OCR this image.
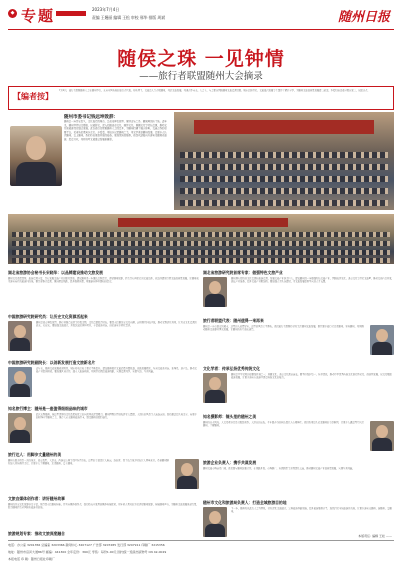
◆ 专题	2023年7月4日
责编 王嫚丽 编辑 王松 审校 邢华 排版 周斌	随州日报
随侯之珠 一见钟情
——旅行者联盟随州大会摘录
【编者按】
7月1日，旅行者联盟随州大会在随州举行，来自全国各地的旅行者代表、知名博主、文旅达人等齐聚随州，共话文旅发展，共谋合作未来。大会上，与会嘉宾围绕随州文旅资源禀赋、城市品牌打造、文旅融合发展等主题作了精彩分享，为随州文旅高质量发展建言献策。本报特摘录部分嘉宾发言，以飨读者。
随州市委书记钱远坤致辞：
随州是一座历史悠久、文化灿烂的城市，是炎帝神农故里、编钟古乐之乡、随侯珠的出土地。近年来，随州坚持以文塑旅、以旅彰文，深入挖掘炎帝文化、编钟文化、曾随文化等特色资源，推动文化和旅游深度融合发展。此次旅行者联盟随州大会的召开，为随州搭建了展示形象、交流合作的重要平台。希望各位嘉宾多走走、多看看，用镜头记录随州之美，用文字讲述随州故事，让更多人认识随州、爱上随州。我们将以更加开放的姿态、更加优质的服务，热忱欢迎海内外游客来随观光旅游、投资兴业，共同书写文旅融合发展新篇章。
湖北省旅游协会秘书长宋晓华：以品牌建设推动文旅发展
随州文化底蕴深厚，旅游资源丰富，具有发展文旅产业的独特优势。建议随州进一步强化品牌意识，讲好随州故事，打造具有辨识度的文旅品牌，以品牌建设引领文旅高质量发展，让随州成为游客向往的旅游目的地。要注重整合资源，推出精品线路，提升服务质量，增强游客体验感和满意度。
中国旅游研究院研究员：让历史文化资源活起来
随州是炎帝神农故里，拥有曾侯乙编钟等珍贵文物，文化资源独具特色。要深入挖掘历史文化内涵，运用现代科技手段，推动文物活化利用，让历史文化资源活起来、火起来。要加强文旅融合，开发沉浸式体验项目，丰富旅游业态，满足游客多样化需求。
中国旅游研究院副院长：以创新发展打造文旅新名片
近年来，随州文旅发展成效明显，城市知名度和美誉度不断提升。建议随州抓住文旅消费升级机遇，创新发展模式，培育文旅新业态、新场景、新产品，推动文旅产业提质增效。要加强区域合作，融入大旅游格局，共同打造精品旅游线路，实现资源共享、客源互送、互利共赢。
知名旅行博主：随州是一座值得细细品味的城市
此次来到随州，被这里深厚的文化底蕴和优美的自然风光深深吸引。随州博物馆里的编钟让人震撼，大洪山的风景令人流连忘返。我将通过镜头和文字，向更多的粉丝分享随州之美，推荐大家来随州旅游打卡，感受随州的独特魅力。
旅行达人：用脚步丈量随州的美
随州有很多值得一去的地方，炎帝故里、大洪山、西游记公园等景区各具特色。这里的美食也让人难忘，泡泡青、拐子饭等地方特色让人回味无穷。希望随州继续加大宣传推介力度，让更多人了解随州、走进随州、爱上随州。
文旅自媒体创作者：讲好随州故事
随州的历史文化故事非常丰富，值得深入挖掘和传播。作为自媒体创作者，我们将充分发挥新媒体传播优势，用年轻人喜欢的方式讲好随州故事，传播随州声音，为随州文旅发展贡献力量，助力随州打造全国知名旅游目的地。
旅游规划专家：推动文旅深度融合
湖北省旅游研究院首席专家：做强特色文旅产业
随州拥有独特的文化资源和旅游资源，发展文旅产业潜力巨大。建议随州进一步做强特色文旅产业，围绕编钟文化、炎帝文化等打造文旅IP，推动文创产品开发，延长产业链条，提升文旅产业附加值。要加强人才队伍建设，为文旅发展提供坚实的人才支撑。
旅行者联盟代表：随州值得一来再来
随州是一座有温度的城市，这里的人热情好客，这里的风景美不胜收。我们旅行者联盟将持续关注随州文旅发展，组织更多旅行者走进随州、宣传随州，共同推动随州文旅事业繁荣发展，让随州的名片越来越亮。
文化学者：传承弘扬优秀传统文化
随州是中华文明的重要发祥地之一，曾随文化、炎帝文化源远流长。要坚持保护第一、传承优先，推动中华优秀传统文化创造性转化、创新性发展，以文化赋能旅游发展，让更多游客在旅游中感受传统文化的魅力。
知名摄影师：镜头里的随州之美
随州的山水风光、人文景观非常适合摄影创作。大洪山的云海、千年银杏谷的秋色都让人心驰神往。我们将用镜头记录随州的美好瞬间，让更多人通过图片认识随州、了解随州。
旅游企业负责人：携手共谋发展
随州文旅市场前景广阔，我们愿与随州加强合作，在线路开发、市场推广、客源组织等方面深化交流，推动随州文旅产业高质量发展，实现互利共赢。
随州市文化和旅游局负责人：打造全域旅游目的地
下一步，随州将以此次大会为契机，持续深化文旅融合，完善旅游基础设施，提升旅游服务水平，加快打造全域旅游目的地，让更多游客来随州、游随州、爱随州。
本版责任: 编辑 王松 ——
电话：办公室 3201356 总编室 3203366 新闻中心 3207127 广告部 3207285 发行部 3207911 印刷厂 3215356
地址：随州市沿河大道86号 邮编：441300 全年定价：360元 零售：每份1.00元 国内统一连续出版物号 CN 42-0029
本报电话 印 刷：随州日报社印刷厂
